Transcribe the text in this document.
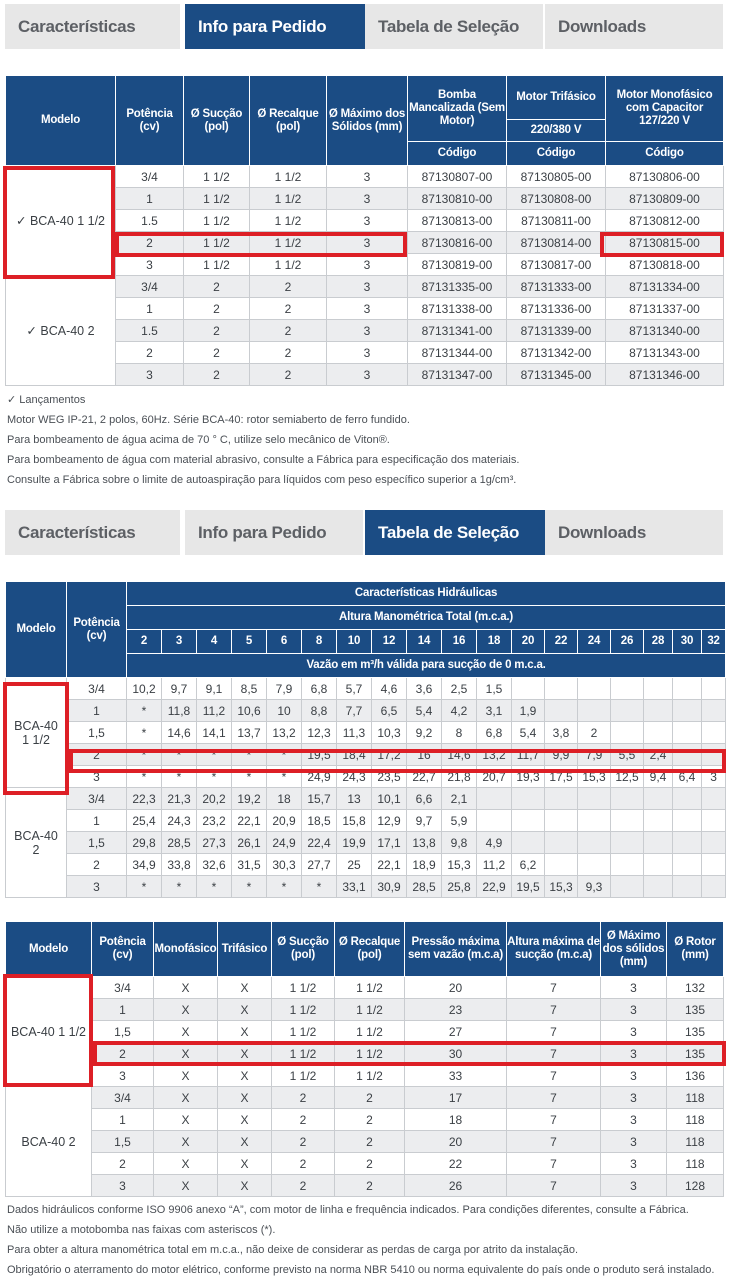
Características	Info para Pedido	Tabela de Seleção	Downloads
Modelo	Potência (cv)	Ø Sucção (pol)	Ø Recalque (pol)	Ø Máximo dos Sólidos (mm)	Bomba Mancalizada (Sem Motor)	Motor Trifásico	Motor Monofásico com Capacitor 127/220 V
						220/380 V	
					Código	Código	Código
✓ BCA-40 1 1/2	3/4	1 1/2	1 1/2	3	87130807-00	87130805-00	87130806-00
	1	1 1/2	1 1/2	3	87130810-00	87130808-00	87130809-00
	1.5	1 1/2	1 1/2	3	87130813-00	87130811-00	87130812-00
	2	1 1/2	1 1/2	3	87130816-00	87130814-00	87130815-00
	3	1 1/2	1 1/2	3	87130819-00	87130817-00	87130818-00
✓ BCA-40 2	3/4	2	2	3	87131335-00	87131333-00	87131334-00
	1	2	2	3	87131338-00	87131336-00	87131337-00
	1.5	2	2	3	87131341-00	87131339-00	87131340-00
	2	2	2	3	87131344-00	87131342-00	87131343-00
	3	2	2	3	87131347-00	87131345-00	87131346-00
✓ Lançamentos
Motor WEG IP-21, 2 polos, 60Hz. Série BCA-40: rotor semiaberto de ferro fundido.
Para bombeamento de água acima de 70 ° C, utilize selo mecânico de Viton®.
Para bombeamento de água com material abrasivo, consulte a Fábrica para especificação dos materiais.
Consulte a Fábrica sobre o limite de autoaspiração para líquidos com peso específico superior a 1g/cm³.
Características	Info para Pedido	Tabela de Seleção	Downloads
Modelo	Potência (cv)	Características Hidráulicas																	
		Altura Manométrica Total (m.c.a.)																	
		2	3	4	5	6	8	10	12	14	16	18	20	22	24	26	28	30	32
		Vazão em m³/h válida para sucção de 0 m.c.a.																	

BCA-40
1 1/2	3/4	10,2	9,7	9,1	8,5	7,9	6,8	5,7	4,6	3,6	2,5	1,5							
	1	*	11,8	11,2	10,6	10	8,8	7,7	6,5	5,4	4,2	3,1	1,9						
	1,5	*	14,6	14,1	13,7	13,2	12,3	11,3	10,3	9,2	8	6,8	5,4	3,8	2				
	2	*	*	*	*	*	19,5	18,4	17,2	16	14,6	13,2	11,7	9,9	7,9	5,5	2,4		
	3	*	*	*	*	*	24,9	24,3	23,5	22,7	21,8	20,7	19,3	17,5	15,3	12,5	9,4	6,4	3

BCA-40
2	3/4	22,3	21,3	20,2	19,2	18	15,7	13	10,1	6,6	2,1								
	1	25,4	24,3	23,2	22,1	20,9	18,5	15,8	12,9	9,7	5,9								
	1,5	29,8	28,5	27,3	26,1	24,9	22,4	19,9	17,1	13,8	9,8	4,9							
	2	34,9	33,8	32,6	31,5	30,3	27,7	25	22,1	18,9	15,3	11,2	6,2						
	3	*	*	*	*	*	*	33,1	30,9	28,5	25,8	22,9	19,5	15,3	9,3				
Modelo	Potência (cv)	Monofásico	Trifásico	Ø Sucção (pol)	Ø Recalque (pol)	Pressão máxima sem vazão (m.c.a)	Altura máxima de sucção (m.c.a)	Ø Máximo dos sólidos (mm)	Ø Rotor (mm)
BCA-40 1 1/2	3/4	X	X	1 1/2	1 1/2	20	7	3	132
	1	X	X	1 1/2	1 1/2	23	7	3	135
	1,5	X	X	1 1/2	1 1/2	27	7	3	135
	2	X	X	1 1/2	1 1/2	30	7	3	135
	3	X	X	1 1/2	1 1/2	33	7	3	136
BCA-40 2	3/4	X	X	2	2	17	7	3	118
	1	X	X	2	2	18	7	3	118
	1,5	X	X	2	2	20	7	3	118
	2	X	X	2	2	22	7	3	118
	3	X	X	2	2	26	7	3	128
Dados hidráulicos conforme ISO 9906 anexo “A”, com motor de linha e frequência indicados. Para condições diferentes, consulte a Fábrica.
Não utilize a motobomba nas faixas com asteriscos (*).
Para obter a altura manométrica total em m.c.a., não deixe de considerar as perdas de carga por atrito da instalação.
Obrigatório o aterramento do motor elétrico, conforme previsto na norma NBR 5410 ou norma equivalente do país onde o produto será instalado.
